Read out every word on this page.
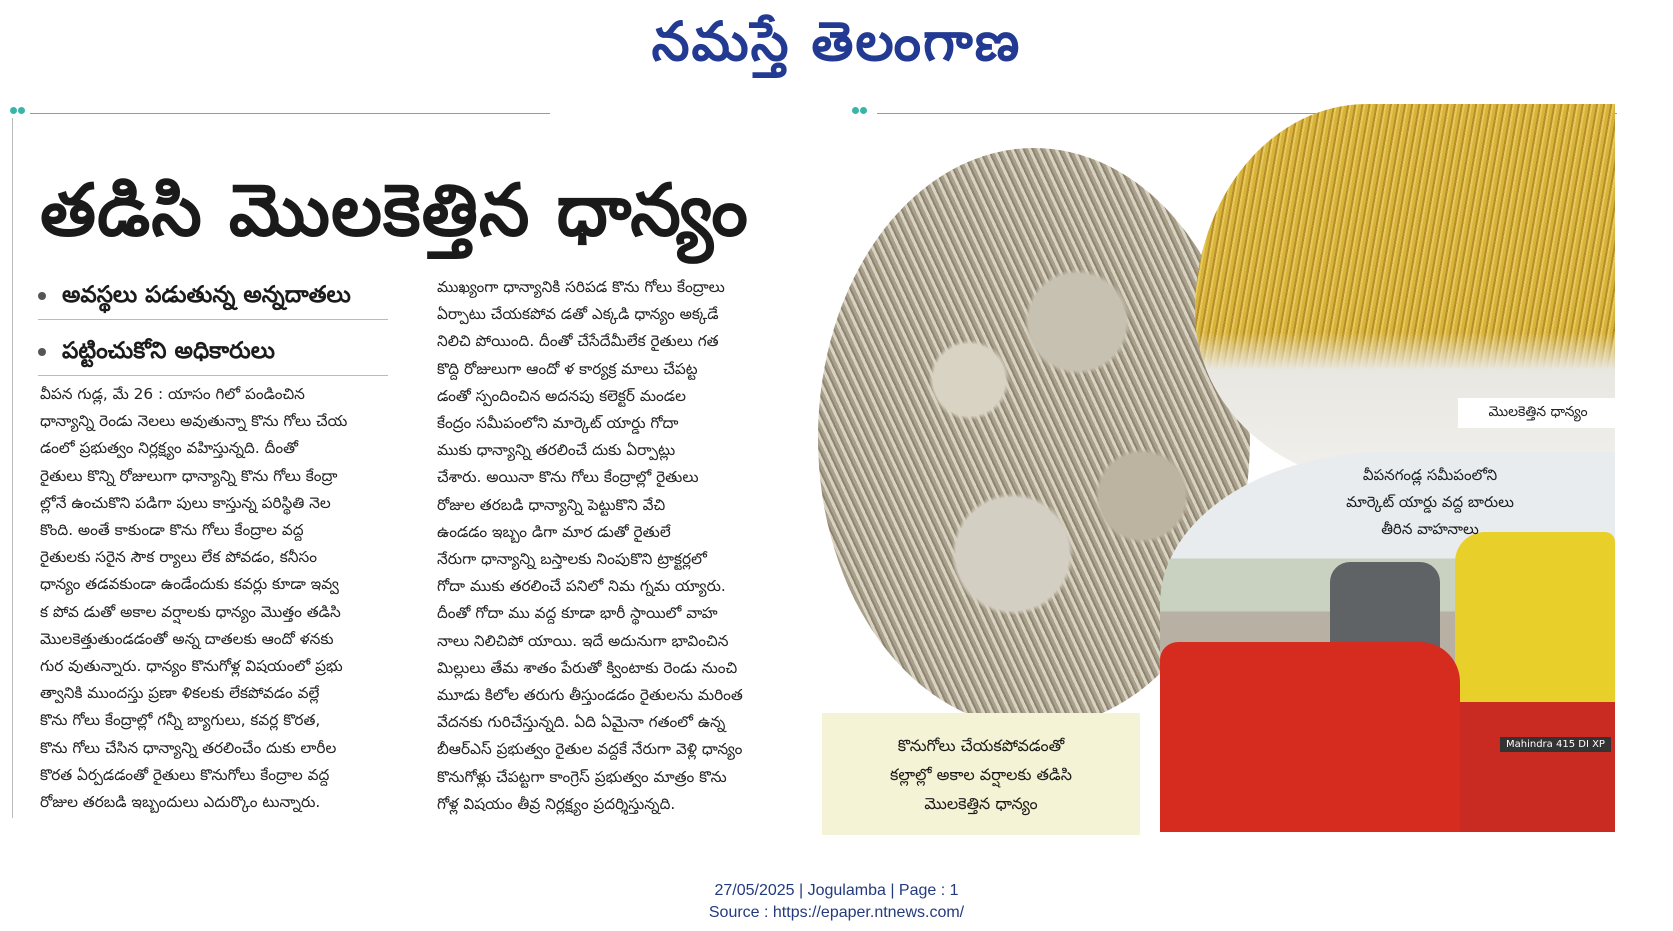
నమస్తే తెలంగాణ
తడిసి మొలకెత్తిన ధాన్యం
అవస్థలు పడుతున్న అన్నదాతలు
పట్టించుకోని అధికారులు

వీపన గుడ్ల, మే 26 : యాసం గిలో పండించిన

ధాన్యాన్ని రెండు నెలలు అవుతున్నా కొను గోలు చేయ

డంలో ప్రభుత్వం నిర్లక్ష్యం వహిస్తున్నది. దీంతో

రైతులు కొన్ని రోజులుగా ధాన్యాన్ని కొను గోలు కేంద్రా

ల్లోనే ఉంచుకొని పడిగా పులు కాస్తున్న పరిస్థితి నెల

కొంది. అంతే కాకుండా కొను గోలు కేంద్రాల వద్ద

రైతులకు సరైన సౌక ర్యాలు లేక పోవడం, కనీసం

ధాన్యం తడవకుండా ఉండేందుకు కవర్లు కూడా ఇవ్వ

క పోవ డుతో అకాల వర్షాలకు ధాన్యం మొత్తం తడిసి

మొలకెత్తుతుండడంతో అన్న దాతలకు ఆందో ళనకు

గుర వుతున్నారు. ధాన్యం కొనుగోళ్ల విషయంలో ప్రభు

త్వానికి ముందస్తు ప్రణా ళికలకు లేకపోవడం వల్లే

కొను గోలు కేంద్రాల్లో గన్నీ బ్యాగులు, కవర్ల కొరత,

కొను గోలు చేసిన ధాన్యాన్ని తరలించేం దుకు లారీల

కొరత ఏర్పడడంతో రైతులు కొనుగోలు కేంద్రాల వద్ద

రోజుల తరబడి ఇబ్బందులు ఎదుర్కొం టున్నారు.

ముఖ్యంగా ధాన్యానికి సరిపడ కొను గోలు కేంద్రాలు

ఏర్పాటు చేయకపోవ డతో ఎక్కడి ధాన్యం అక్కడే

నిలిచి పోయింది. దీంతో చేసేదేమీలేక రైతులు గత

కొద్ది రోజులుగా ఆందో ళ కార్యక్ర మాలు చేపట్ట

డంతో స్పందించిన అదనపు కలెక్టర్ మండల

కేంద్రం సమీపంలోని మార్కెట్ యార్డు గోదా

ముకు ధాన్యాన్ని తరలించే దుకు ఏర్పాట్లు

చేశారు. అయినా కొను గోలు కేంద్రాల్లో రైతులు

రోజుల తరబడి ధాన్యాన్ని పెట్టుకొని వేచి

ఉండడం ఇబ్బం డిగా మార డుతో రైతులే

నేరుగా ధాన్యాన్ని బస్తాలకు నింపుకొని ట్రాక్టర్లలో

గోదా ముకు తరలించే పనిలో నిమ గ్నమ య్యారు.

దీంతో గోదా ము వద్ద కూడా భారీ స్థాయిలో వాహ

నాలు నిలిచిపో యాయి. ఇదే అదునుగా భావించిన

మిల్లులు తేమ శాతం పేరుతో క్వింటాకు రెండు నుంచి

మూడు కిలోల తరుగు తీస్తుండడం రైతులను మరింత

వేదనకు గురిచేస్తున్నది. ఏది ఏమైనా గతంలో ఉన్న

బీఆర్ఎస్ ప్రభుత్వం రైతుల వద్దకే నేరుగా వెళ్లి ధాన్యం

కొనుగోళ్లు చేపట్టగా కాంగ్రెస్ ప్రభుత్వం మాత్రం కొను

గోళ్ల విషయం తీవ్ర నిర్లక్ష్యం ప్రదర్శిస్తున్నది.

మొలకెత్తిన ధాన్యం
Mahindra 415 DI XP
వీపనగండ్ల సమీపంలోని
మార్కెట్ యార్డు వద్ద బారులు
తీరిన వాహనాలు
కొనుగోలు చేయకపోవడంతో
కల్లాల్లో అకాల వర్షాలకు తడిసి
మొలకెత్తిన ధాన్యం
27/05/2025 | Jogulamba | Page : 1
Source : https://epaper.ntnews.com/
